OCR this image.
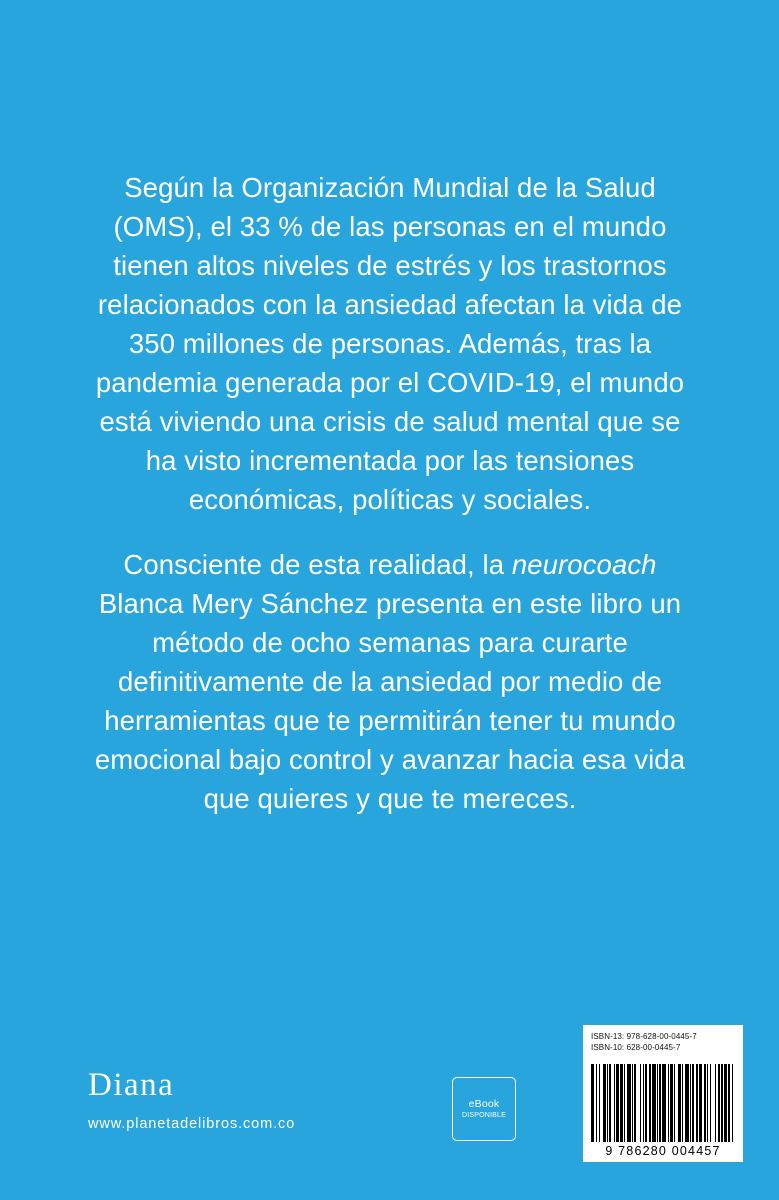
Según la Organización Mundial de la Salud (OMS), el 33 % de las personas en el mundo tienen altos niveles de estrés y los trastornos relacionados con la ansiedad afectan la vida de 350 millones de personas. Además, tras la pandemia generada por el COVID-19, el mundo está viviendo una crisis de salud mental que se ha visto incrementada por las tensiones económicas, políticas y sociales.

Consciente de esta realidad, la neurocoach Blanca Mery Sánchez presenta en este libro un método de ocho semanas para curarte definitivamente de la ansiedad por medio de herramientas que te permitirán tener tu mundo emocional bajo control y avanzar hacia esa vida que quieres y que te mereces.

Diana
www.planetadelibros.com.co
eBook
DISPONIBLE
ISBN-13: 978-628-00-0445-7
ISBN-10: 628-00-0445-7
9 786280 004457
